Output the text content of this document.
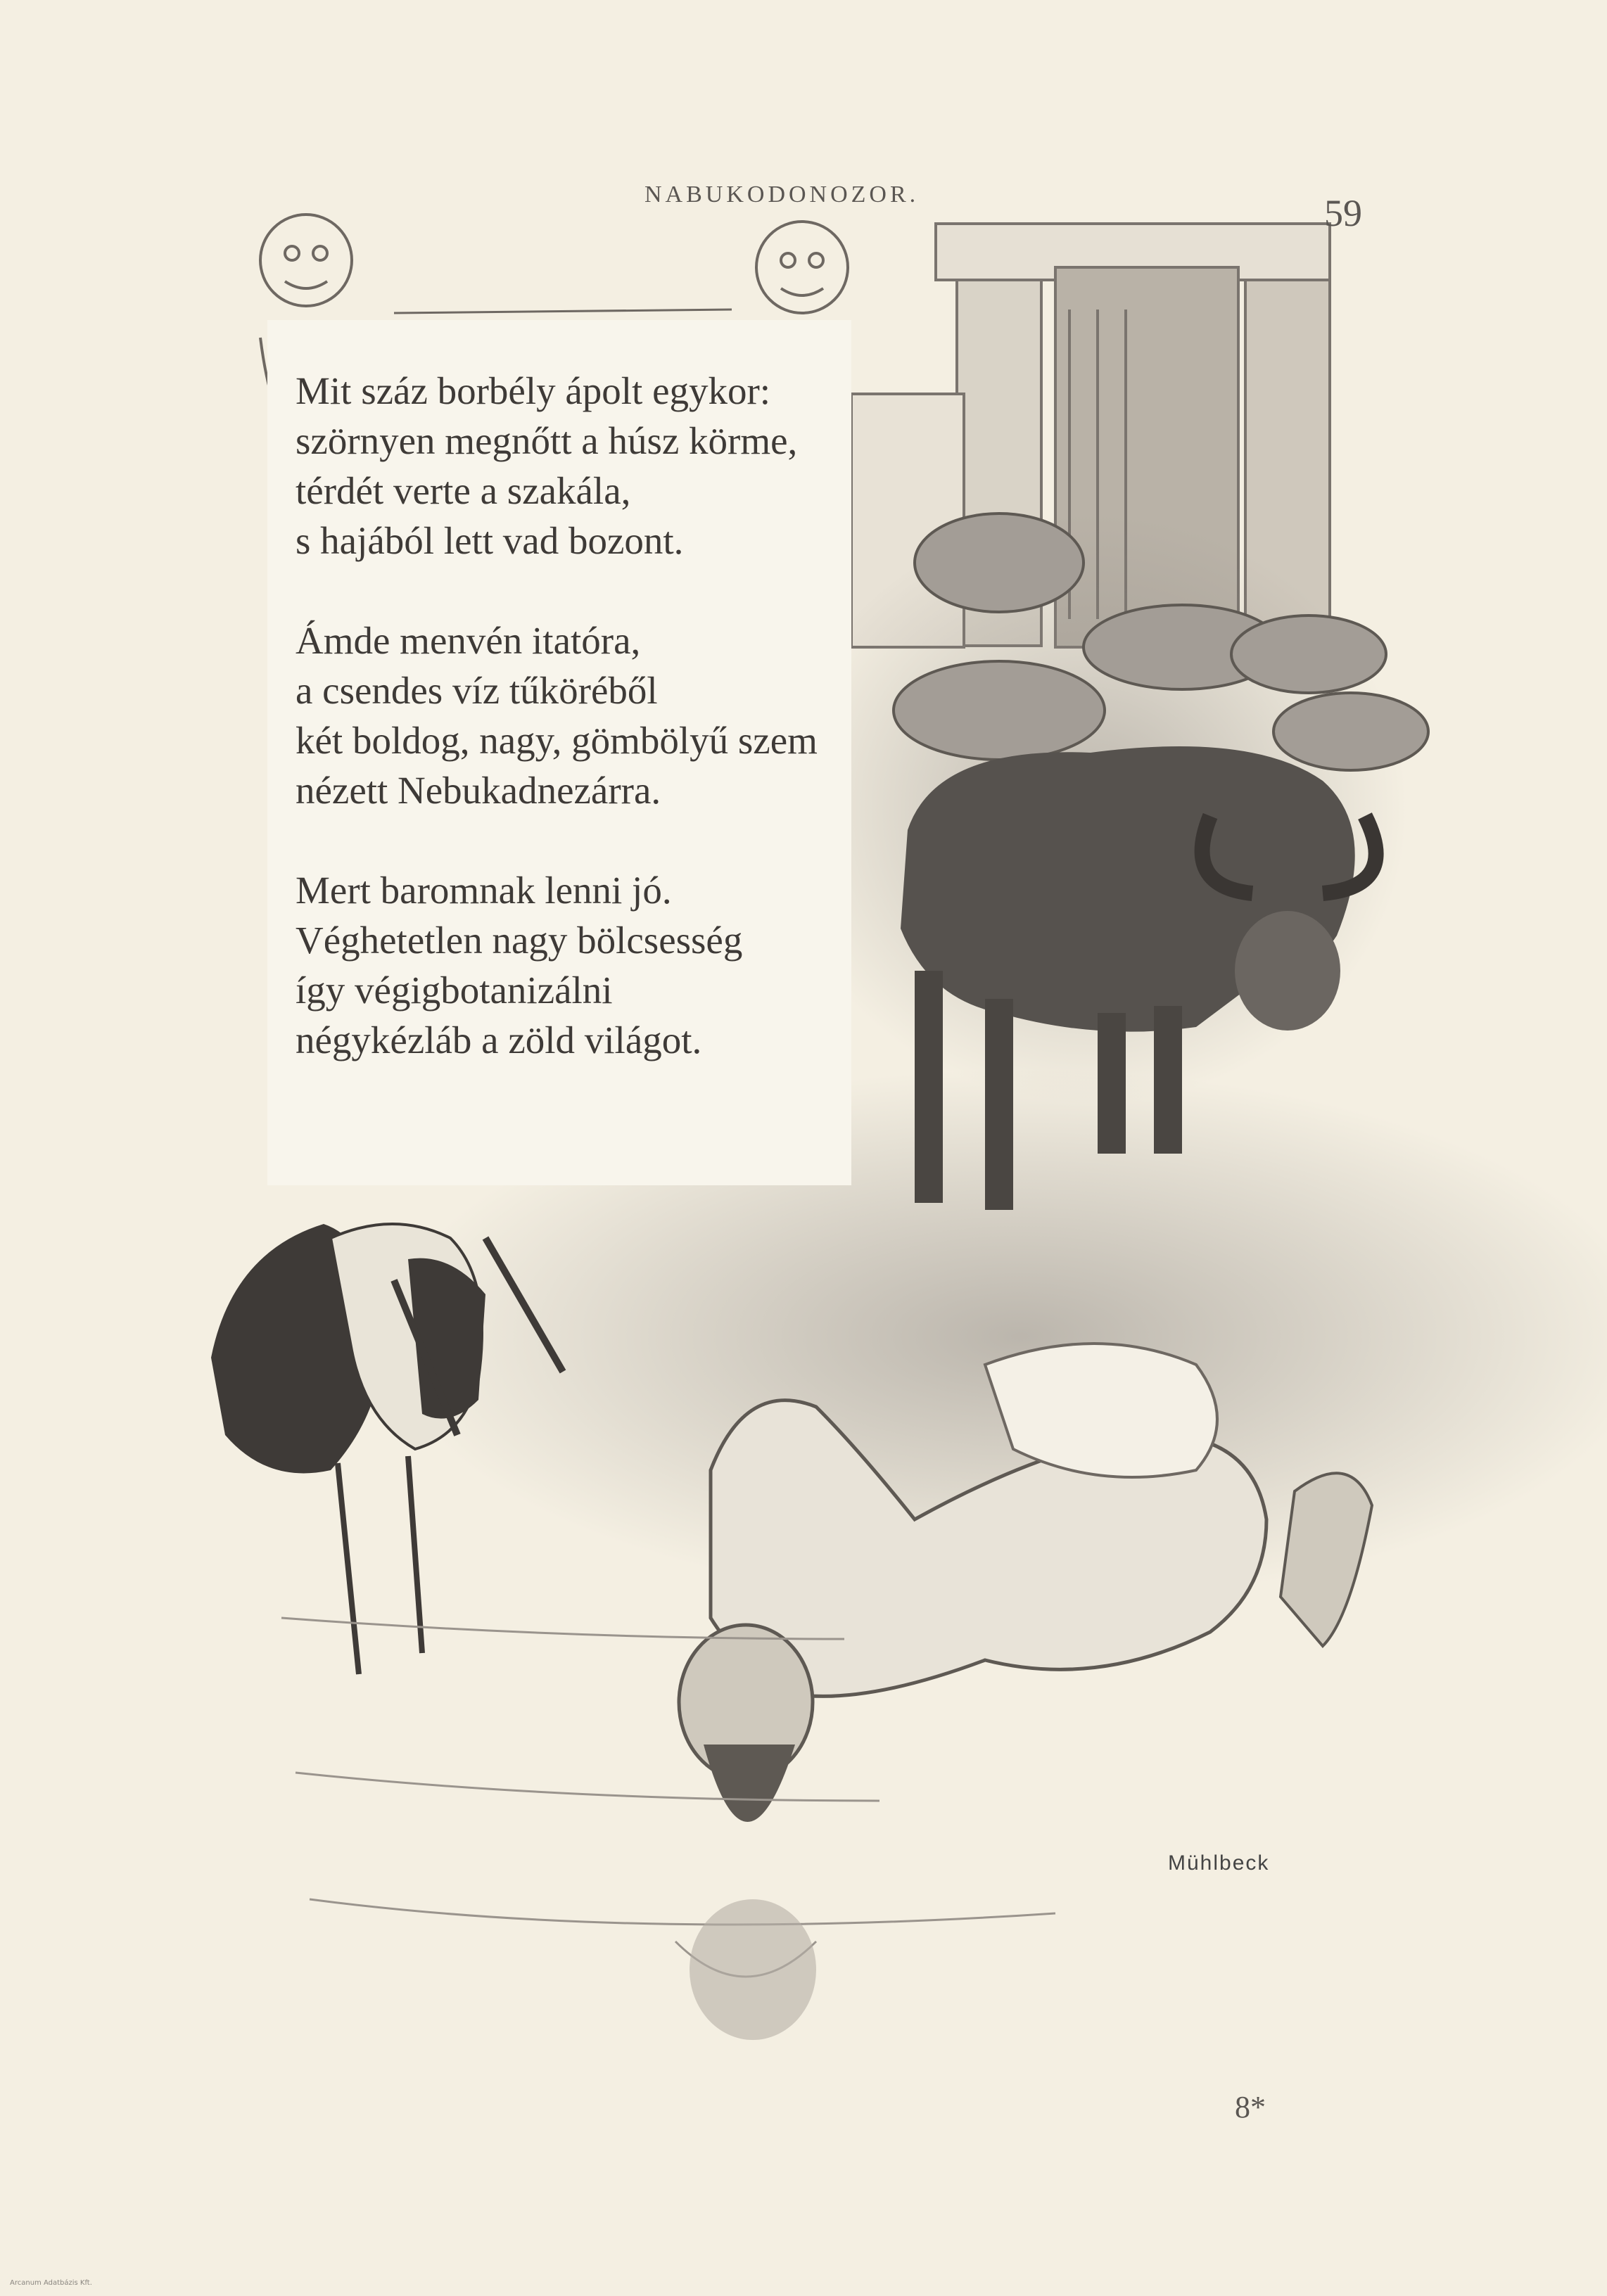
NABUKODONOZOR.	59
Mit száz borbély ápolt egykor:
szörnyen megnőtt a húsz körme,
térdét verte a szakála,
s hajából lett vad bozont.
Ámde menvén itatóra,
a csendes víz tűköréből
két boldog, nagy, gömbölyű szem
nézett Nebukadnezárra.
Mert baromnak lenni jó.
Véghetetlen nagy bölcsesség
így végigbotanizálni
négykézláb a zöld világot.
Mühlbeck
8*
Arcanum Adatbázis Kft.
